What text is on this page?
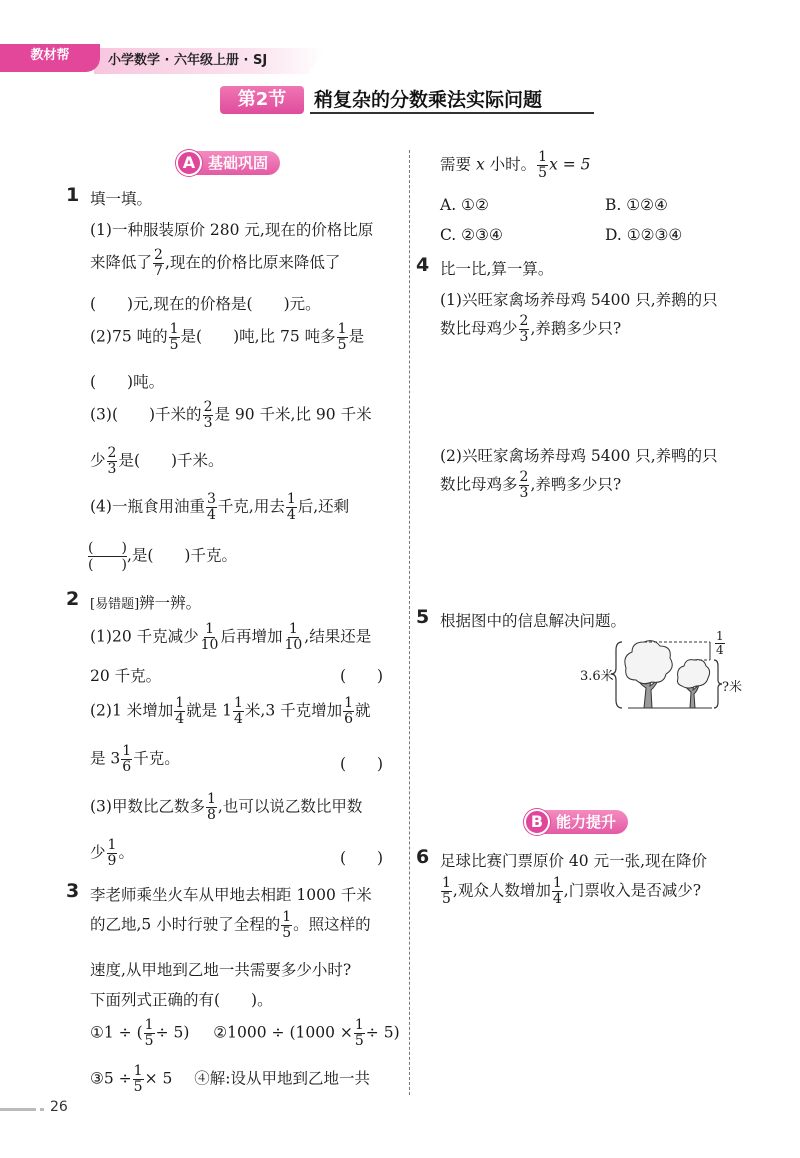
教材帮	小学数学 · 六年级上册 · SJ
第2节	稍复杂的分数乘法实际问题
A 基础巩固
1 填一填。
(1)一种服装原价 280 元,现在的价格比原
来降低了 $\frac{2}{7}$ ,现在的价格比原来降低了
(　　)元,现在的价格是(　　)元。
(2)75 吨的 $\frac{1}{5}$ 是(　　)吨,比 75 吨多 $\frac{1}{5}$ 是
(　　)吨。
(3)(　　)千米的 $\frac{2}{3}$ 是 90 千米,比 90 千米
少 $\frac{2}{3}$ 是(　　)千米。
(4)一瓶食用油重 $\frac{3}{4}$ 千克,用去 $\frac{1}{4}$ 后,还剩
(　　)
(　　)
,是(　　)千克。
2 [易错题]辨一辨。
(1)20 千克减少 $\frac{1}{10}$ 后再增加 $\frac{1}{10}$ ,结果还是
20 千克。	(　　)
(2)1 米增加 $\frac{1}{4}$ 就是 $1 \frac{1}{4}$ 米,3 千克增加 $\frac{1}{6}$ 就
是 $3 \frac{1}{6}$ 千克。	(　　)
(3)甲数比乙数多 $\frac{1}{8}$ ,也可以说乙数比甲数
少 $\frac{1}{9}$ 。	(　　)
3 李老师乘坐火车从甲地去相距 1000 千米
的乙地,5 小时行驶了全程的 $\frac{1}{5}$ 。照这样的
速度,从甲地到乙地一共需要多少小时?
下面列式正确的有(　　)。
①1 ÷ ( $\frac{1}{5} \div 5$) ②1000 ÷ $(1000 \times \frac{1}{5} \div 5)$
③5 ÷ $\frac{1}{5} \times 5$ ④解:设从甲地到乙地一共
需要 x 小时。 $\frac{1}{5}$ x = 5
A. ①②	B. ①②④
C. ②③④	D. ①②③④
4 比一比,算一算。
(1)兴旺家禽场养母鸡 5400 只,养鹅的只
数比母鸡少 $\frac{2}{3}$ ,养鹅多少只?
(2)兴旺家禽场养母鸡 5400 只,养鸭的只
数比母鸡多 $\frac{2}{3}$ ,养鸭多少只?
5 根据图中的信息解决问题。
3.6米
$\frac{1}{4}$
?米
B 能力提升
6 足球比赛门票原价 40 元一张,现在降价
$\frac{1}{5}$ ,观众人数增加 $\frac{1}{4}$ ,门票收入是否减少?
26
